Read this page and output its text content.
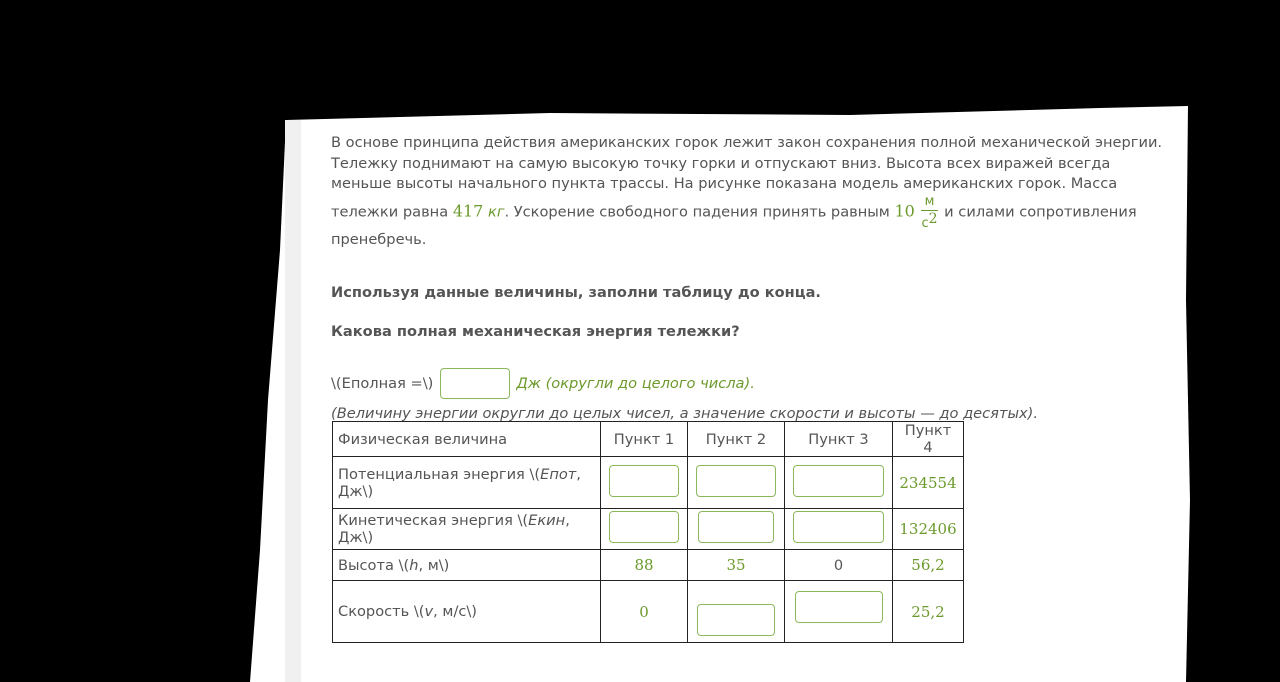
В основе принципа действия американских горок лежит закон сохранения полной механической энергии. Тележку поднимают на самую высокую точку горки и отпускают вниз. Высота всех виражей всегда меньше высоты начального пункта трассы. На рисунке показана модель американских горок. Масса тележки равна 417 кг. Ускорение свободного падения принять равным $10 \frac{м}{с^2}$ и силами сопротивления пренебречь.

Используя данные величины, заполни таблицу до конца.

Какова полная механическая энергия тележки?

\(Eполная =\)	Дж
(округли до целого числа).

(Величину энергии округли до целых чисел, а значение скорости и высоты — до десятых).

Физическая величина	Пункт 1	Пункт 2	Пункт 3	Пункт 4
Потенциальная энергия \(Eпот, Дж\)				234554
Кинетическая энергия \(Eкин, Дж\)				132406
Высота \(h, м\)	88	35	0	56,2
Скорость \(v, м/с\)	0			25,2
